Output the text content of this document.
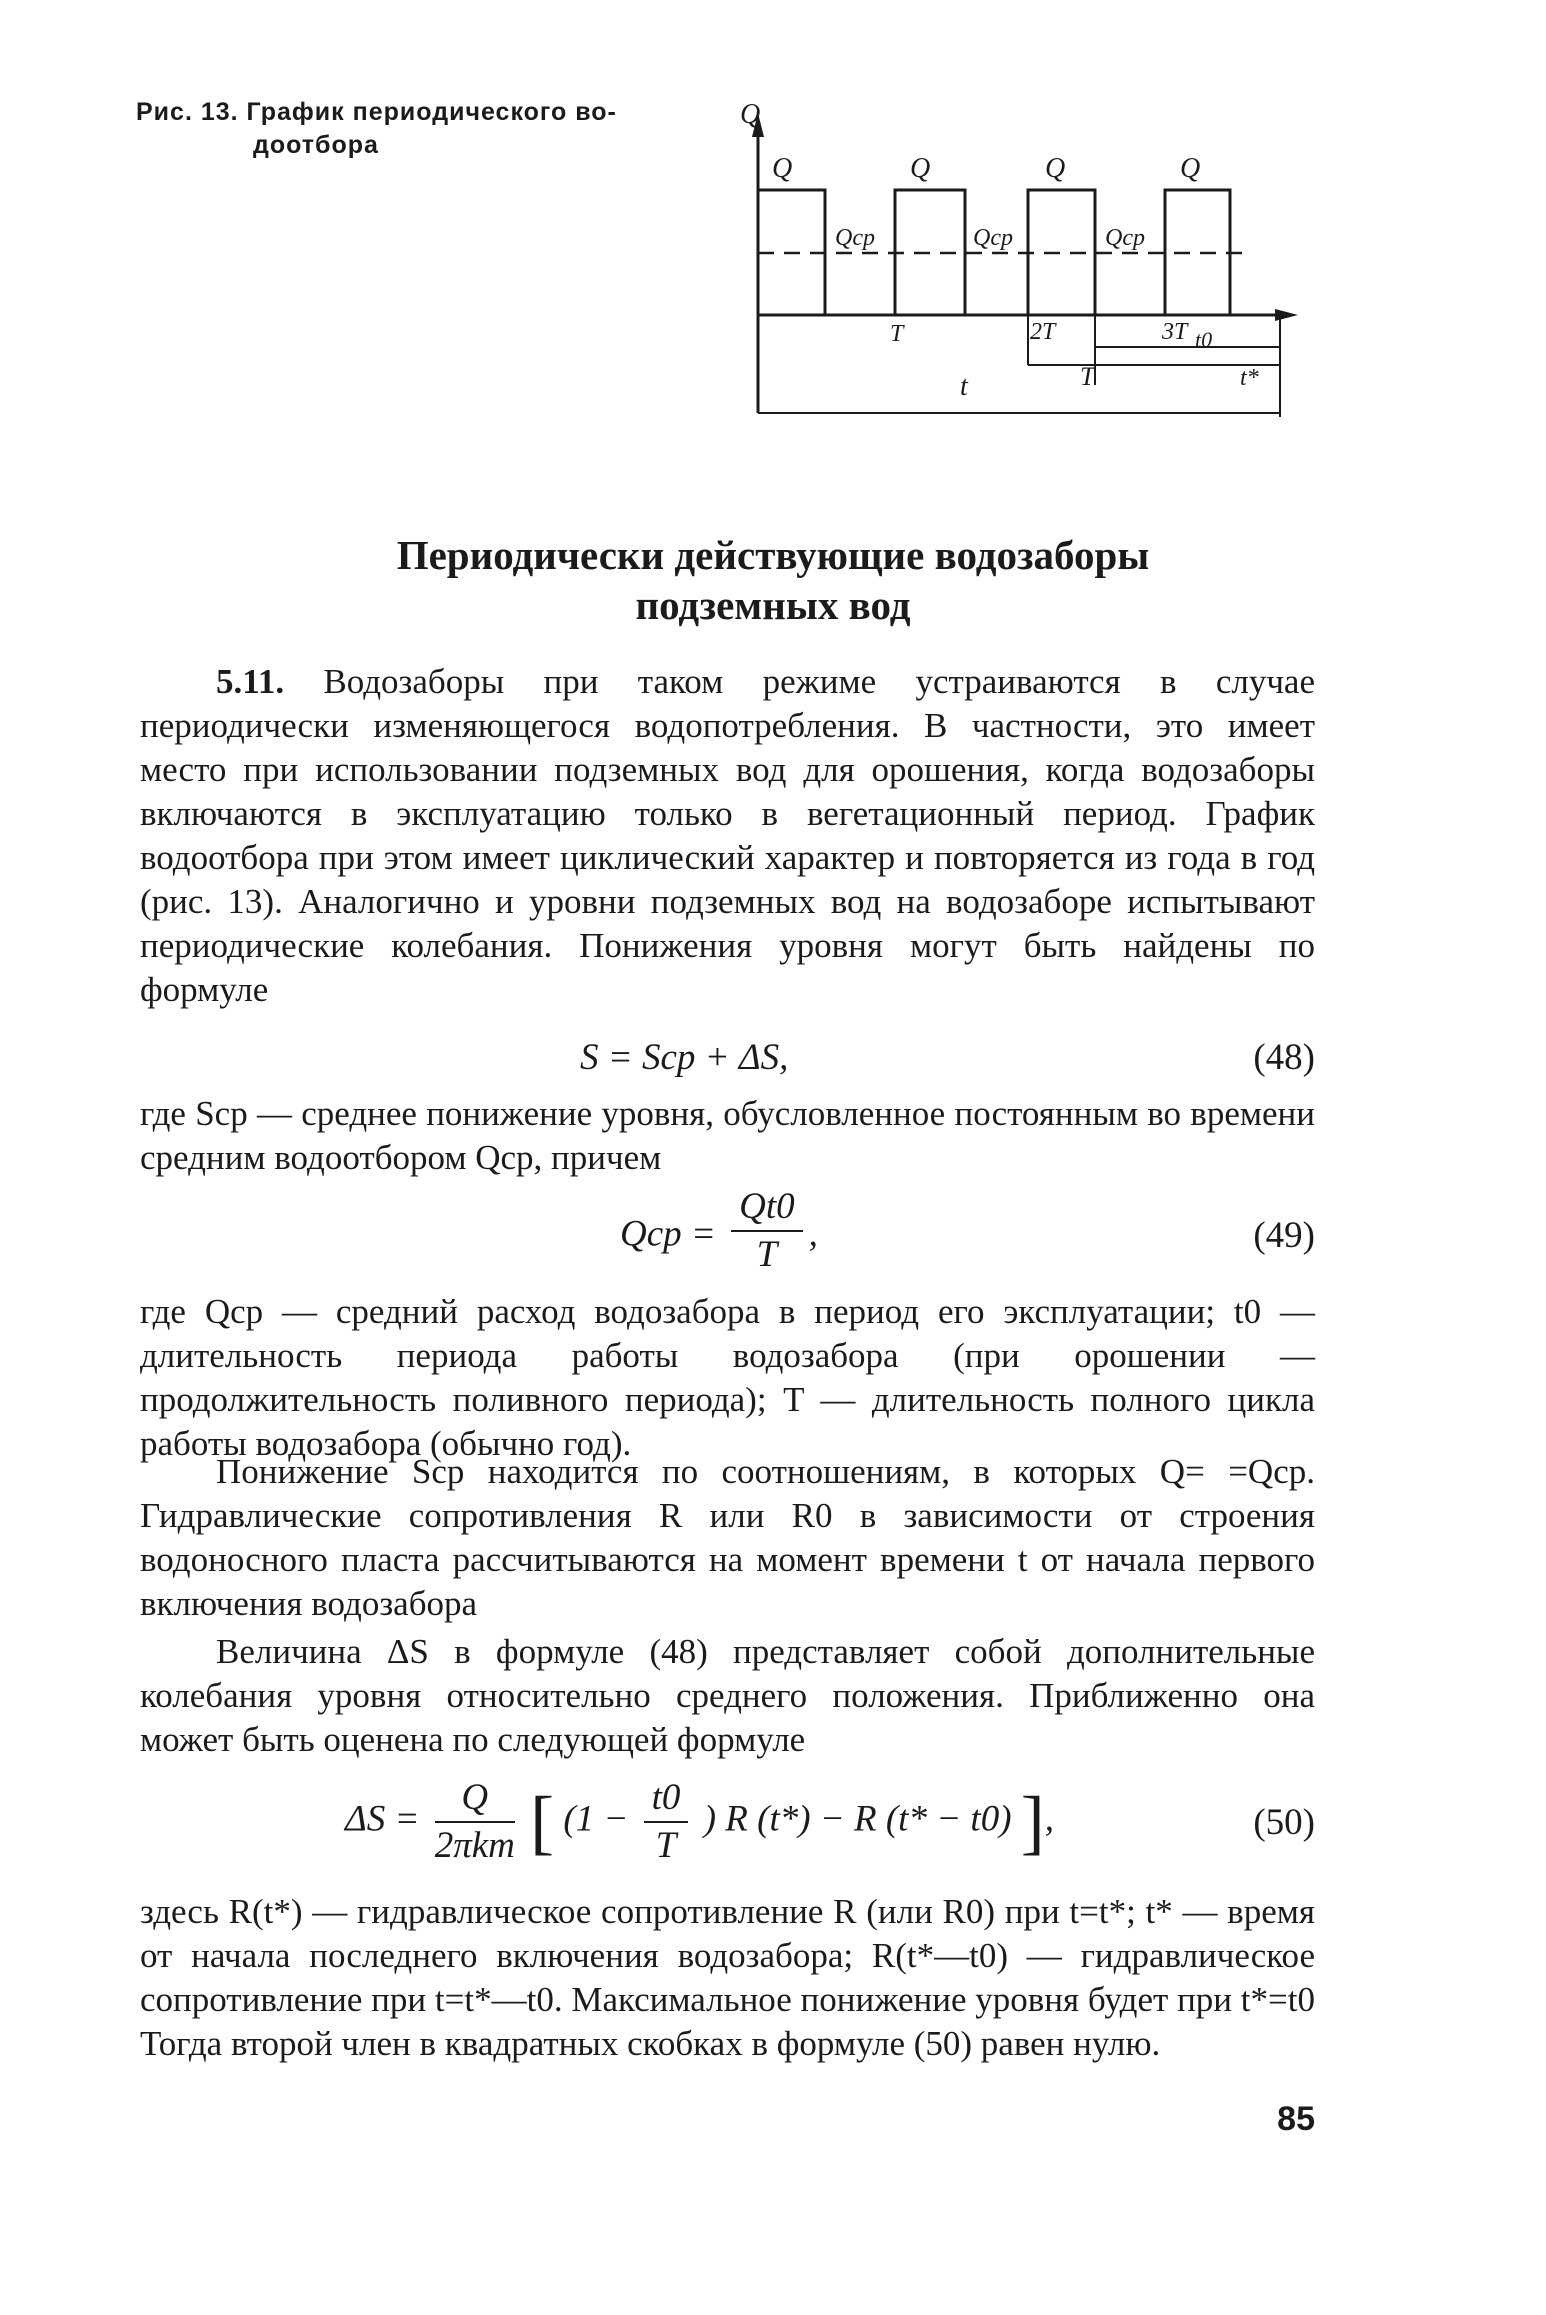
Рис. 13. График периодического во-
доотбора
Q
Q	Q	Q	Q
Qср	Qср	Qср
T	2T	3T t0
t	T	t*
Периодически действующие водозаборы
подземных вод
5.11. Водозаборы при таком режиме устраиваются в случае периодически изменяющегося водопотребления. В частности, это имеет место при использовании подземных вод для орошения, когда водозаборы включаются в эксплуатацию только в вегетационный период. График водоотбора при этом имеет циклический характер и повторяется из года в год (рис. 13). Аналогично и уровни подземных вод на водозаборе испытывают периодические колебания. Понижения уровня могут быть найдены по формуле
S = Sср + ΔS,	(48)
где Sср — среднее понижение уровня, обусловленное постоянным во времени средним водоотбором Qср, причем
Qср = $\frac{Qt0}{T}$ ,	(49)
где Qср — средний расход водозабора в период его эксплуатации; t0 — длительность периода работы водозабора (при орошении — продолжительность поливного периода); T — длительность полного цикла работы водозабора (обычно год).
Понижение Sср находится по соотношениям, в которых Q= =Qср. Гидравлические сопротивления R или R0 в зависимости от строения водоносного пласта рассчитываются на момент времени t от начала первого включения водозабора
Величина ΔS в формуле (48) представляет собой дополнительные колебания уровня относительно среднего положения. Приближенно она может быть оценена по следующей формуле
$\Delta S = \frac{Q}{\text{2πkm}}$ [ ($1 - \frac{t0}{T}$ ) R (t*) − R (t* − t0) ],	(50)
здесь R(t*) — гидравлическое сопротивление R (или R0) при t=t*; t* — время от начала последнего включения водозабора; R(t*—t0) — гидравлическое сопротивление при t=t*—t0. Максимальное понижение уровня будет при t*=t0 Тогда второй член в квадратных скобках в формуле (50) равен нулю.
85
